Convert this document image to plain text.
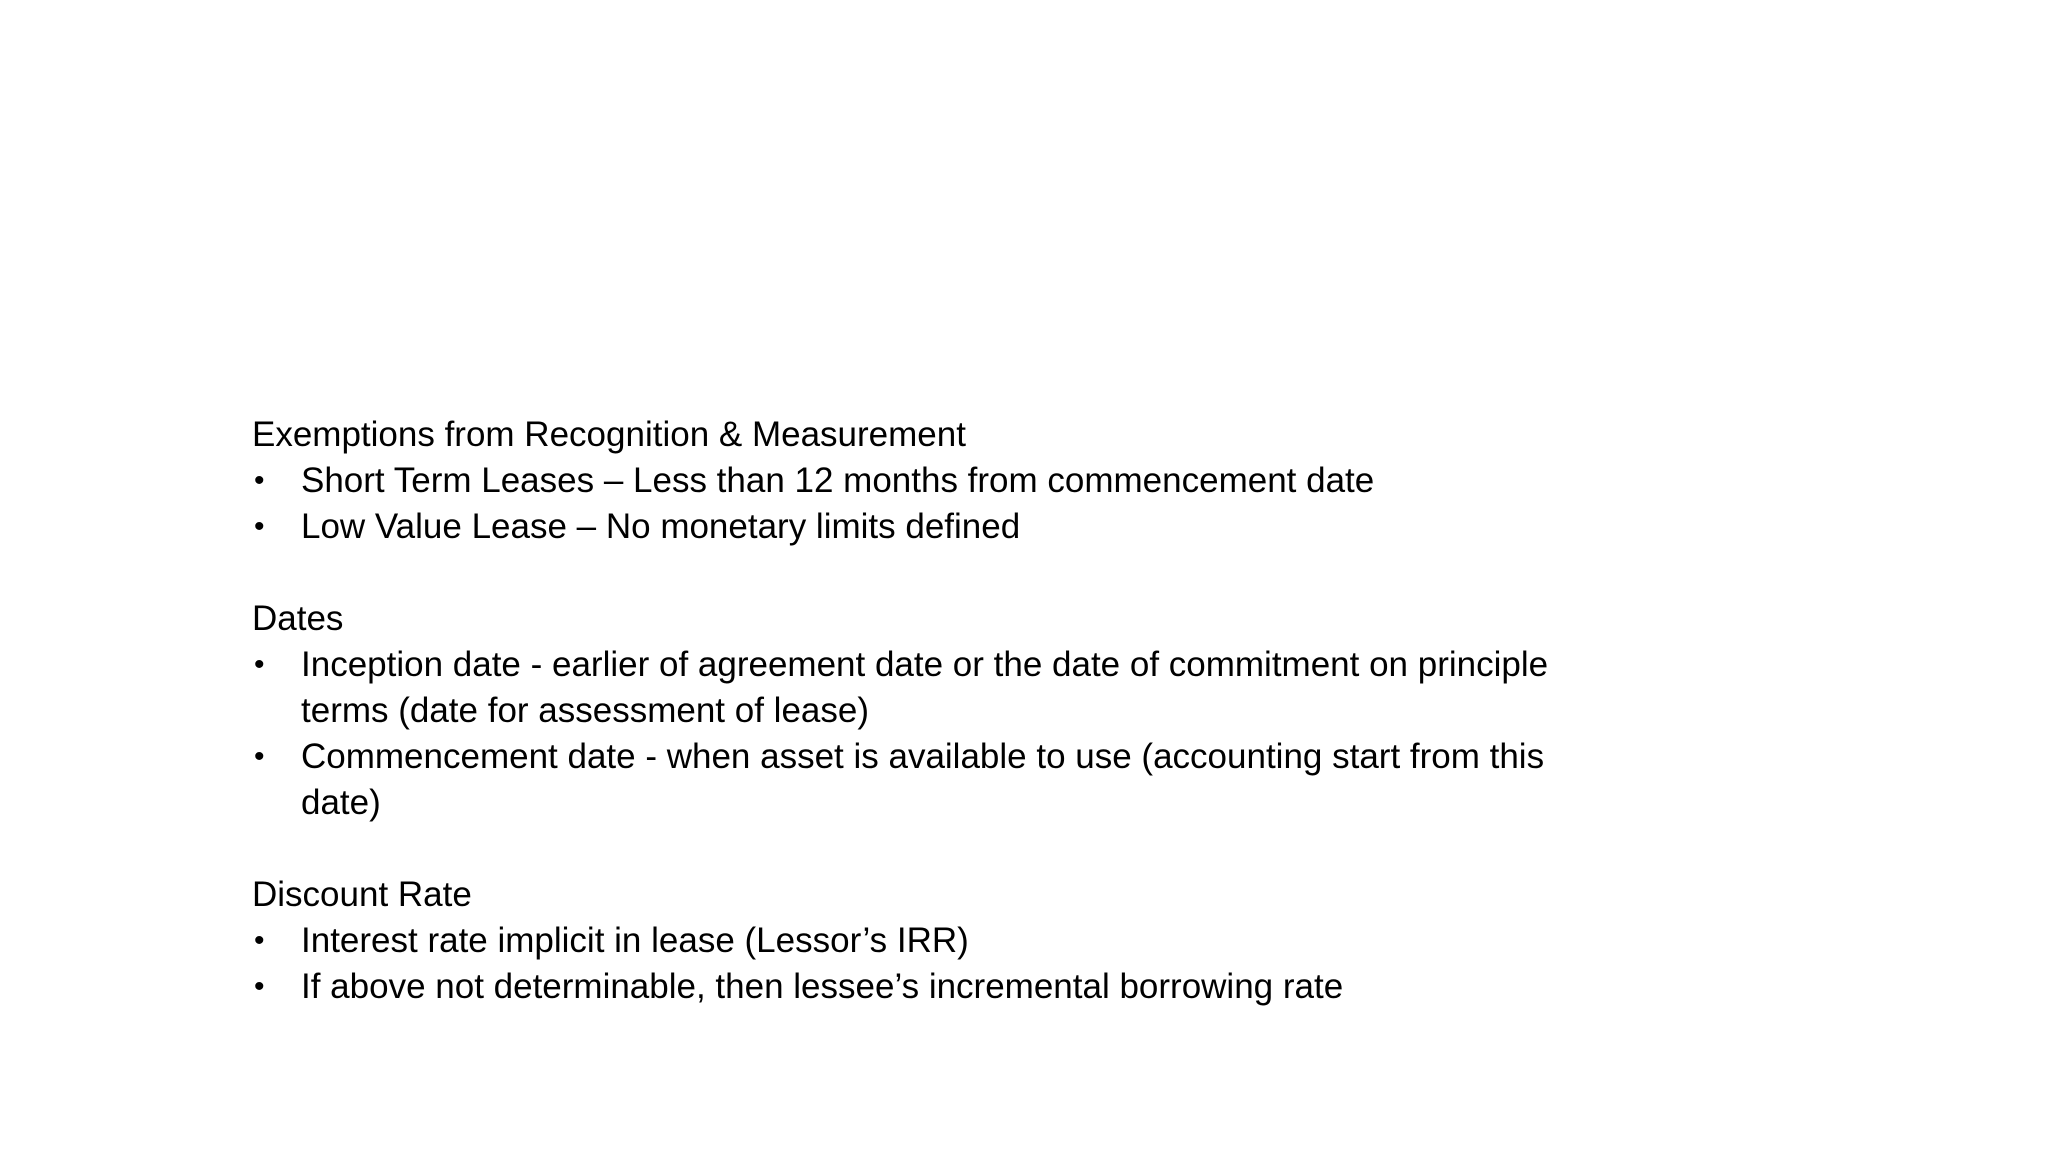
Exemptions from Recognition & Measurement

• Short Term Leases – Less than 12 months from commencement date
• Low Value Lease – No monetary limits defined

Dates

• Inception date - earlier of agreement date or the date of commitment on principle terms (date for assessment of lease)
• Commencement date - when asset is available to use (accounting start from this date)

Discount Rate

• Interest rate implicit in lease (Lessor’s IRR)
• If above not determinable, then lessee’s incremental borrowing rate
